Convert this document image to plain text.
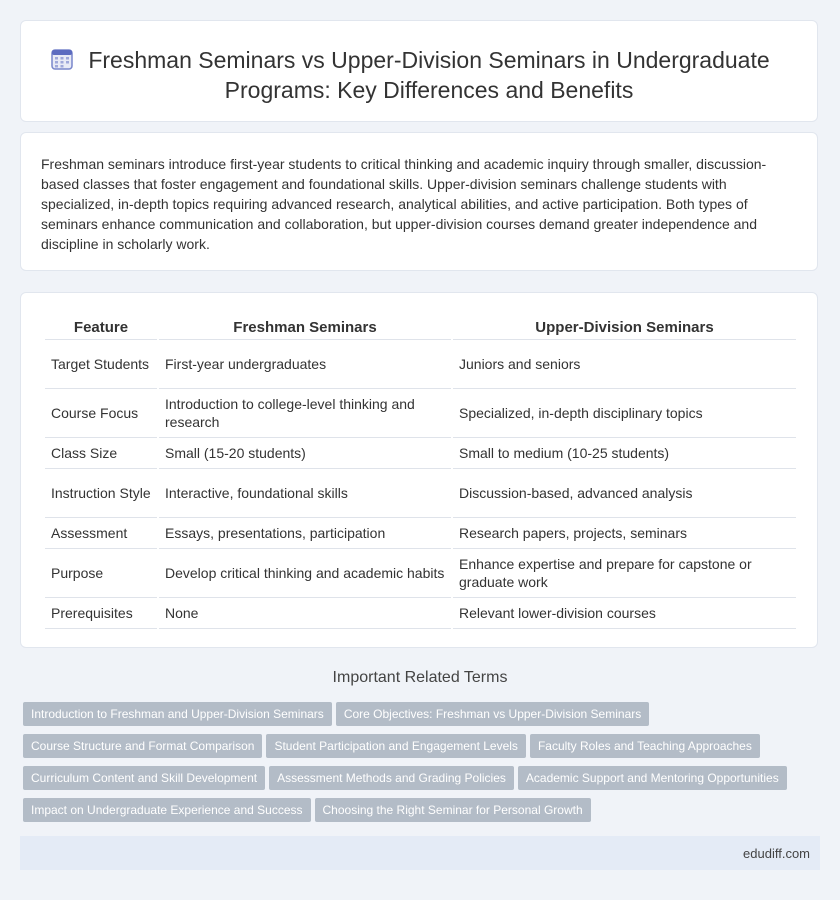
Freshman Seminars vs Upper-Division Seminars in Undergraduate Programs: Key Differences and Benefits

Freshman seminars introduce first-year students to critical thinking and academic inquiry through smaller, discussion-based classes that foster engagement and foundational skills. Upper-division seminars challenge students with specialized, in-depth topics requiring advanced research, analytical abilities, and active participation. Both types of seminars enhance communication and collaboration, but upper-division courses demand greater independence and discipline in scholarly work.

Feature	Freshman Seminars	Upper-Division Seminars
Target Students	First-year undergraduates	Juniors and seniors
Course Focus	Introduction to college-level thinking and research	Specialized, in-depth disciplinary topics
Class Size	Small (15-20 students)	Small to medium (10-25 students)
Instruction Style	Interactive, foundational skills	Discussion-based, advanced analysis
Assessment	Essays, presentations, participation	Research papers, projects, seminars
Purpose	Develop critical thinking and academic habits	Enhance expertise and prepare for capstone or graduate work
Prerequisites	None	Relevant lower-division courses
Important Related Terms
Introduction to Freshman and Upper-Division Seminars Core Objectives: Freshman vs Upper-Division Seminars
Course Structure and Format Comparison Student Participation and Engagement Levels Faculty Roles and Teaching Approaches
Curriculum Content and Skill Development Assessment Methods and Grading Policies Academic Support and Mentoring Opportunities
Impact on Undergraduate Experience and Success Choosing the Right Seminar for Personal Growth
edudiff.com
